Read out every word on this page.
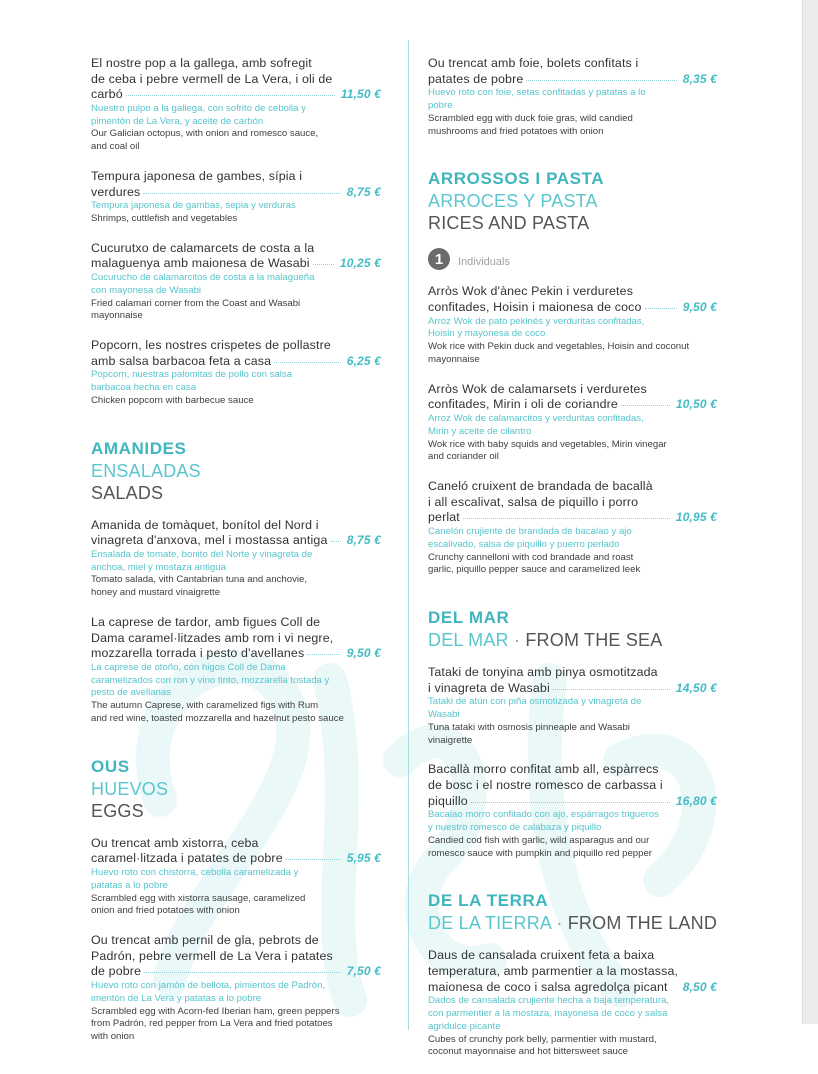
El nostre pop a la gallega, amb sofregit
de ceba i pebre vermell de La Vera, i oli de
carbó	11,50 €
Nuestro pulpo a la gallega, con sofrito de cebolla y
pimentón de La Vera, y aceite de carbón
Our Galician octopus, with onion and romesco sauce,
and coal oil
Tempura japonesa de gambes, sípia i
verdures	8,75 €
Tempura japonesa de gambas, sepia y verduras
Shrimps, cuttlefish and vegetables
Cucurutxo de calamarcets de costa a la
malaguenya amb maionesa de Wasabi	10,25 €
Cucurucho de calamarcitos de costa a la malagueña
con mayonesa de Wasabi
Fried calamari corner from the Coast and Wasabi
mayonnaise
Popcorn, les nostres crispetes de pollastre
amb salsa barbacoa feta a casa	6,25 €
Popcorn, nuestras palomitas de pollo con salsa
barbacoa hecha en casa
Chicken popcorn with barbecue sauce
AMANIDES
ENSALADAS
SALADS
Amanida de tomàquet, bonítol del Nord i
vinagreta d'anxova, mel i mostassa antiga 8,75 €
Ensalada de tomate, bonito del Norte y vinagreta de
anchoa, miel y mostaza antigua
Tomato salada, vith Cantabrian tuna and anchovie,
honey and mustard vinaigrette
La caprese de tardor, amb figues Coll de
Dama caramel·litzades amb rom i vi negre,
mozzarella torrada i pesto d'avellanes	9,50 €
La caprese de otoño, con higos Coll de Dama
caramelizados con ron y vino tinto, mozzarella tostada y
pesto de avellanas
The autumn Caprese, with caramelized figs with Rum
and red wine, toasted mozzarella and hazelnut pesto sauce
OUS
HUEVOS
EGGS
Ou trencat amb xistorra, ceba
caramel·litzada i patates de pobre	5,95 €
Huevo roto con chistorra, cebolla caramelizada y
patatas a lo pobre
Scrambled egg with xistorra sausage, caramelized
onion and fried potatoes with onion
Ou trencat amb pernil de gla, pebrots de
Padrón, pebre vermell de La Vera i patates
de pobre	7,50 €
Huevo roto con jamón de bellota, pimientos de Padrón,
imentón de La Vera y patatas a lo pobre
Scrambled egg with Acorn-fed Iberian ham, green peppers
from Padrón, red pepper from La Vera and fried potatoes
with onion
Ou trencat amb foie, bolets confitats i
patates de pobre	8,35 €
Huevo roto con foie, setas confitadas y patatas a lo
pobre
Scrambled egg with duck foie gras, wild candied
mushrooms and fried potatoes with onion
ARROSSOS I PASTA
ARROCES Y PASTA
RICES AND PASTA
1	Individuals
Arròs Wok d'ànec Pekin i verduretes
confitades, Hoisin i maionesa de coco	9,50 €
Arroz Wok de pato pekinés y verduritas confitadas,
Hoisin y mayonesa de coco
Wok rice with Pekin duck and vegetables, Hoisin and coconut
mayonnaise
Arròs Wok de calamarsets i verduretes
confitades, Mirin i oli de coriandre	10,50 €
Arroz Wok de calamarcitos y verduritas confitadas,
Mirin y aceite de cilantro
Wok rice with baby squids and vegetables, Mirin vinegar
and coriander oil
Caneló cruixent de brandada de bacallà
i all escalivat, salsa de piquillo i porro
perlat	10,95 €
Canelón crujiente de brandada de bacalao y ajo
escalivado, salsa de piquillo y puerro perlado
Crunchy cannelloni with cod brandade and roast
garlic, piquillo pepper sauce and caramelized leek
DEL MAR
DEL MAR · FROM THE SEA
Tataki de tonyina amb pinya osmotitzada
i vinagreta de Wasabi	14,50 €
Tataki de atún con piña osmotizada y vinagreta de
Wasabi
Tuna tataki with osmosis pinneaple and Wasabi
vinaigrette
Bacallà morro confitat amb all, espàrrecs
de bosc i el nostre romesco de carbassa i
piquillo	16,80 €
Bacalao morro confitado con ajo, espárragos trigueros
y nuestro romesco de calabaza y piquillo
Candied cod fish with garlic, wild asparagus and our
romesco sauce with pumpkin and piquillo red pepper
DE LA TERRA
DE LA TIERRA · FROM THE LAND
Daus de cansalada cruixent feta a baixa
temperatura, amb parmentier a la mostassa,
maionesa de coco i salsa agredolça picant 8,50 €
Dados de cansalada crujiente hecha a baja temperatura,
con parmentier a la mostaza, mayonesa de coco y salsa
agridulce picante
Cubes of crunchy pork belly, parmentier with mustard,
coconut mayonnaise and hot bittersweet sauce
